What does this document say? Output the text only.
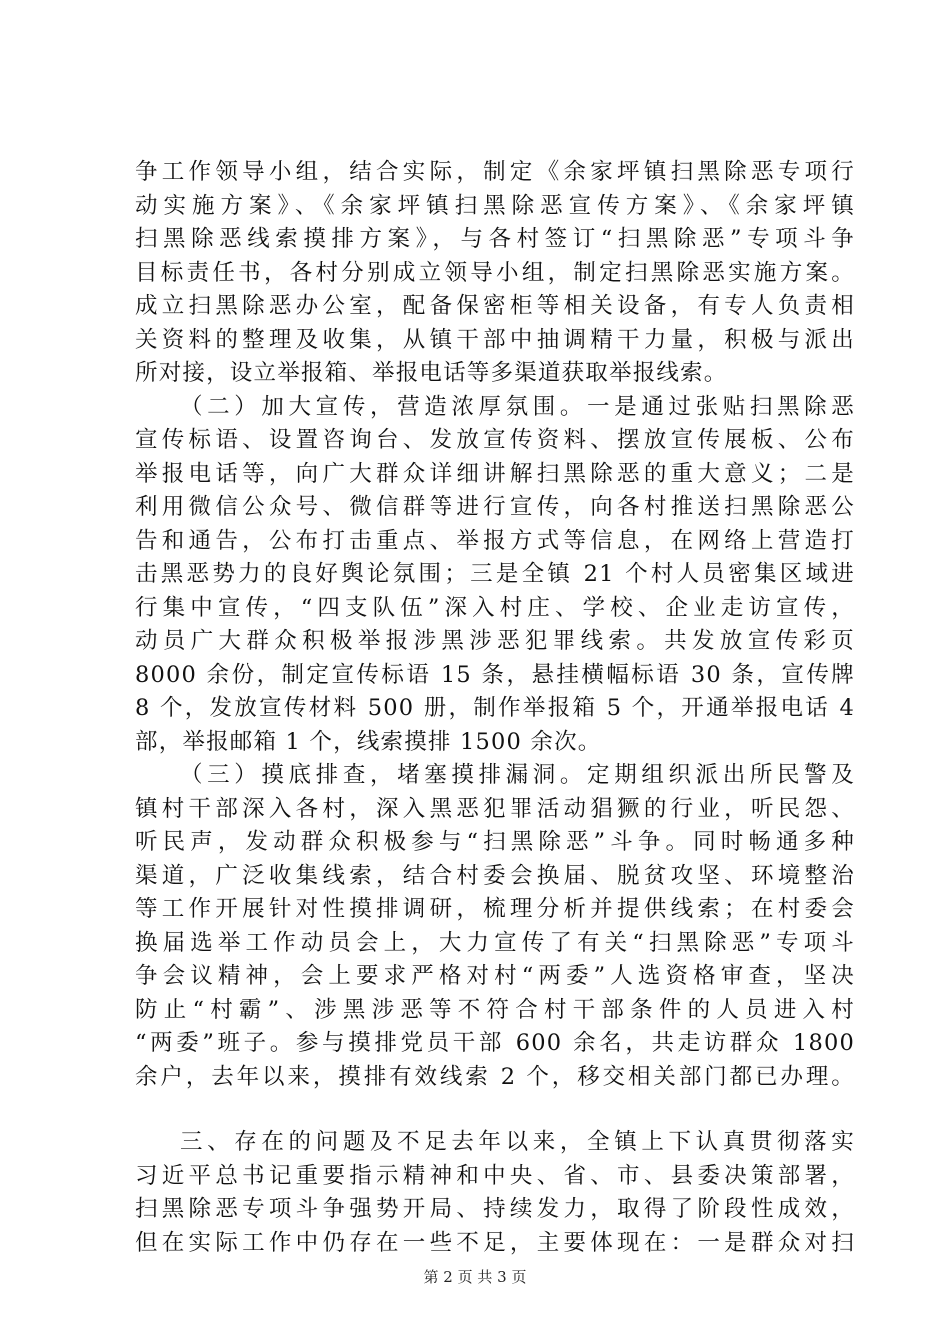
争工作领导小组，结合实际，制定《余家坪镇扫黑除恶专项行
动实施方案》、《余家坪镇扫黑除恶宣传方案》、《余家坪镇
扫黑除恶线索摸排方案》，与各村签订“扫黑除恶”专项斗争
目标责任书，各村分别成立领导小组，制定扫黑除恶实施方案。
成立扫黑除恶办公室，配备保密柜等相关设备，有专人负责相
关资料的整理及收集，从镇干部中抽调精干力量，积极与派出
所对接，设立举报箱、举报电话等多渠道获取举报线索。
（二）加大宣传，营造浓厚氛围。一是通过张贴扫黑除恶
宣传标语、设置咨询台、发放宣传资料、摆放宣传展板、公布
举报电话等，向广大群众详细讲解扫黑除恶的重大意义；二是
利用微信公众号、微信群等进行宣传，向各村推送扫黑除恶公
告和通告，公布打击重点、举报方式等信息，在网络上营造打
击黑恶势力的良好舆论氛围；三是全镇 21 个村人员密集区域进
行集中宣传，“四支队伍”深入村庄、学校、企业走访宣传，
动员广大群众积极举报涉黑涉恶犯罪线索。共发放宣传彩页
8000 余份，制定宣传标语 15 条，悬挂横幅标语 30 条，宣传牌
8 个，发放宣传材料 500 册，制作举报箱 5 个，开通举报电话 4
部，举报邮箱 1 个，线索摸排 1500 余次。
（三）摸底排查，堵塞摸排漏洞。定期组织派出所民警及
镇村干部深入各村，深入黑恶犯罪活动猖獗的行业，听民怨、
听民声，发动群众积极参与“扫黑除恶”斗争。同时畅通多种
渠道，广泛收集线索，结合村委会换届、脱贫攻坚、环境整治
等工作开展针对性摸排调研，梳理分析并提供线索；在村委会
换届选举工作动员会上，大力宣传了有关“扫黑除恶”专项斗
争会议精神，会上要求严格对村“两委”人选资格审查，坚决
防止“村霸”、涉黑涉恶等不符合村干部条件的人员进入村
“两委”班子。参与摸排党员干部 600 余名，共走访群众 1800
余户，去年以来，摸排有效线索 2 个，移交相关部门都已办理。
三、存在的问题及不足去年以来，全镇上下认真贯彻落实
习近平总书记重要指示精神和中央、省、市、县委决策部署，
扫黑除恶专项斗争强势开局、持续发力，取得了阶段性成效，
但在实际工作中仍存在一些不足，主要体现在：一是群众对扫
第 2 页 共 3 页
